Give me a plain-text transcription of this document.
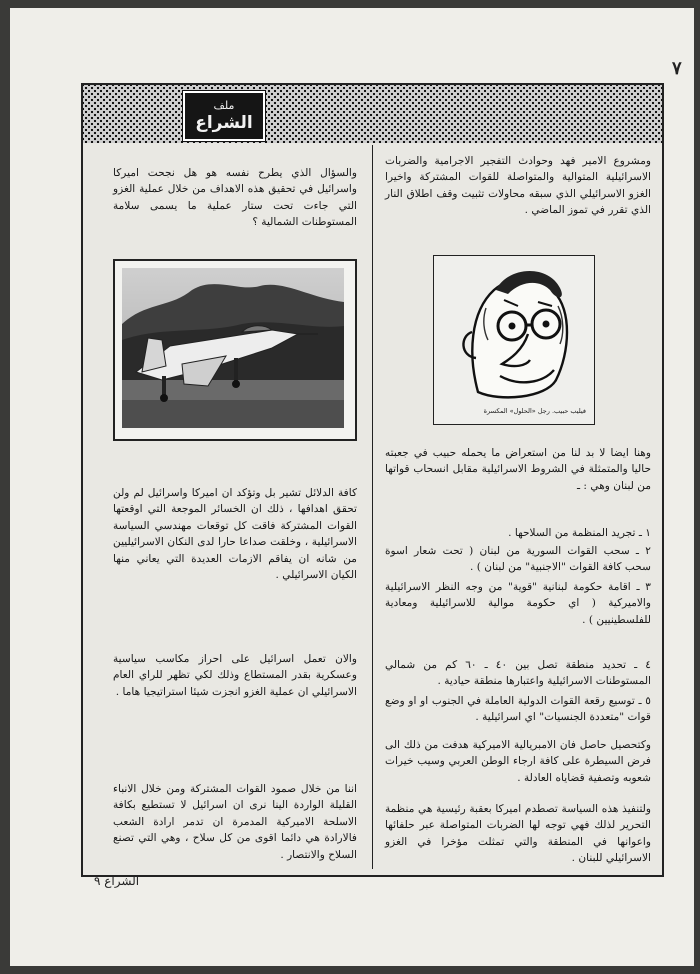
٧
ملف
الشراع

ومشروع الامير فهد وحوادث التفجير الاجرامية والضربات الاسرائيلية المتوالية والمتواصلة للقوات المشتركة واخيرا الغزو الاسرائيلي الذي سبقه محاولات تثبيت وقف اطلاق النار الذي تقرر في تموز الماضي .

فيليب حبيب. رجل «الحلول» المكسرة

وهنا ايضا لا بد لنا من استعراض ما يحمله حبيب في جعبته حاليا والمتمثلة في الشروط الاسرائيلية مقابل انسحاب قواتها من لبنان وهي : ـ

١ ـ تجريد المنظمة من السلاحها .

٢ ـ سحب القوات السورية من لبنان ( تحت شعار اسوة سحب كافة القوات "الاجنبية" من لبنان ) .

٣ ـ اقامة حكومة لبنانية "قوية" من وجه النظر الاسرائيلية والاميركية ( اي حكومة موالية للاسرائيلية ومعادية للفلسطينيين ) .

٤ ـ تحديد منطقة تصل بين ٤٠ ـ ٦٠ كم من شمالي المستوطنات الاسرائيلية واعتبارها منطقة حيادية .

٥ ـ توسيع رقعة القوات الدولية العاملة في الجنوب او او وضع قوات "متعددة الجنسيات" اي اسرائيلية .

وكتحصيل حاصل فان الامبريالية الاميركية هدفت من ذلك الى فرض السيطرة على كافة ارجاء الوطن العربي وسيب خيرات شعوبه وتصفية قضاياه العادلة .

ولتنفيذ هذه السياسة تصطدم اميركا بعقبة رئيسية هي منظمة التحرير لذلك فهي توجه لها الضربات المتواصلة عبر حلفائها واعوانها في المنطقة والتي تمثلت مؤخرا في الغزو الاسرائيلي للبنان .

والسؤال الذي يطرح نفسه هو هل نجحت اميركا واسرائيل في تحقيق هذه الاهداف من خلال عملية الغزو التي جاءت تحت ستار عملية ما يسمى سلامة المستوطنات الشمالية ؟

كافة الدلائل تشير بل وتؤكد ان اميركا واسرائيل لم ولن تحقق اهدافها ، ذلك ان الخسائر الموجعة التي اوقعتها القوات المشتركة فاقت كل توقعات مهندسي السياسة الاسرائيلية ، وخلقت صداعا حارا لدى النكان الاسرائيليين من شانه ان يفاقم الازمات العديدة التي يعاني منها الكيان الاسرائيلي .

والان تعمل اسرائيل على احراز مكاسب سياسية وعسكرية بقدر المستطاع وذلك لكي تظهر للراي العام الاسرائيلي ان عملية الغزو انجزت شيئا استراتيجيا هاما .

اننا من خلال صمود القوات المشتركة ومن خلال الانباء القليلة الواردة الينا نرى ان اسرائيل لا تستطيع بكافة الاسلحة الاميركية المدمرة ان تدمر ارادة الشعب فالارادة هي دائما اقوى من كل سلاح ، وهي التي تصنع السلاح والانتصار .

الشراع ٩
